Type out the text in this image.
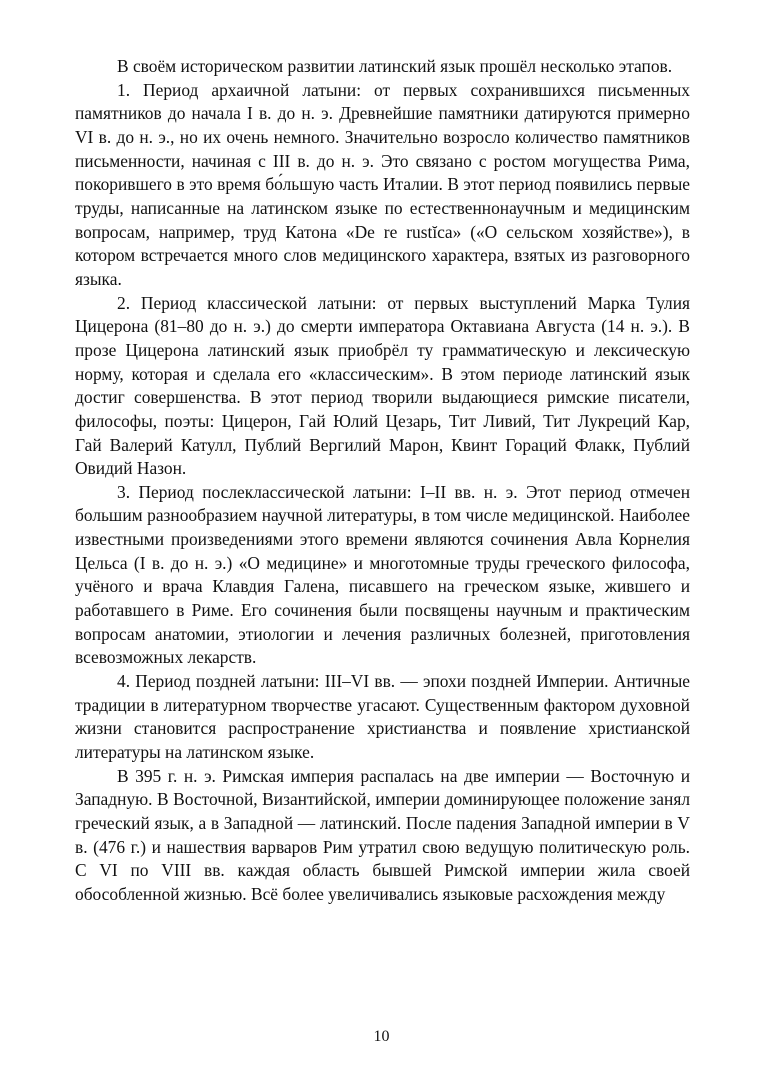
В своём историческом развитии латинский язык прошёл несколько этапов.

1. Период архаичной латыни: от первых сохранившихся письменных памятников до начала I в. до н. э. Древнейшие памятники датируются примерно VI в. до н. э., но их очень немного. Значительно возросло количество памятников письменности, начиная с III в. до н. э. Это связано с ростом могущества Рима, покорившего в это время бо́льшую часть Италии. В этот период появились первые труды, написанные на латинском языке по естественнонаучным и медицинским вопросам, например, труд Катона «De re rustĭca» («О сельском хозяйстве»), в котором встречается много слов медицинского характера, взятых из разговорного языка.

2. Период классической латыни: от первых выступлений Марка Тулия Цицерона (81–80 до н. э.) до смерти императора Октавиана Августа (14 н. э.). В прозе Цицерона латинский язык приобрёл ту грамматическую и лексическую норму, которая и сделала его «классическим». В этом периоде латинский язык достиг совершенства. В этот период творили выдающиеся римские писатели, философы, поэты: Цицерон, Гай Юлий Цезарь, Тит Ливий, Тит Лукреций Кар, Гай Валерий Катулл, Публий Вергилий Марон, Квинт Гораций Флакк, Публий Овидий Назон.

3. Период послеклассической латыни: I–II вв. н. э. Этот период отмечен большим разнообразием научной литературы, в том числе медицинской. Наиболее известными произведениями этого времени являются сочинения Авла Корнелия Цельса (I в. до н. э.) «О медицине» и многотомные труды греческого философа, учёного и врача Клавдия Галена, писавшего на греческом языке, жившего и работавшего в Риме. Его сочинения были посвящены научным и практическим вопросам анатомии, этиологии и лечения различных болезней, приготовления всевозможных лекарств.

4. Период поздней латыни: III–VI вв. — эпохи поздней Империи. Античные традиции в литературном творчестве угасают. Существенным фактором духовной жизни становится распространение христианства и появление христианской литературы на латинском языке.

В 395 г. н. э. Римская империя распалась на две империи — Восточную и Западную. В Восточной, Византийской, империи доминирующее положение занял греческий язык, а в Западной — латинский. После падения Западной империи в V в. (476 г.) и нашествия варваров Рим утратил свою ведущую политическую роль. С VI по VIII вв. каждая область бывшей Римской империи жила своей обособленной жизнью. Всё более увеличивались языковые расхождения между

10
